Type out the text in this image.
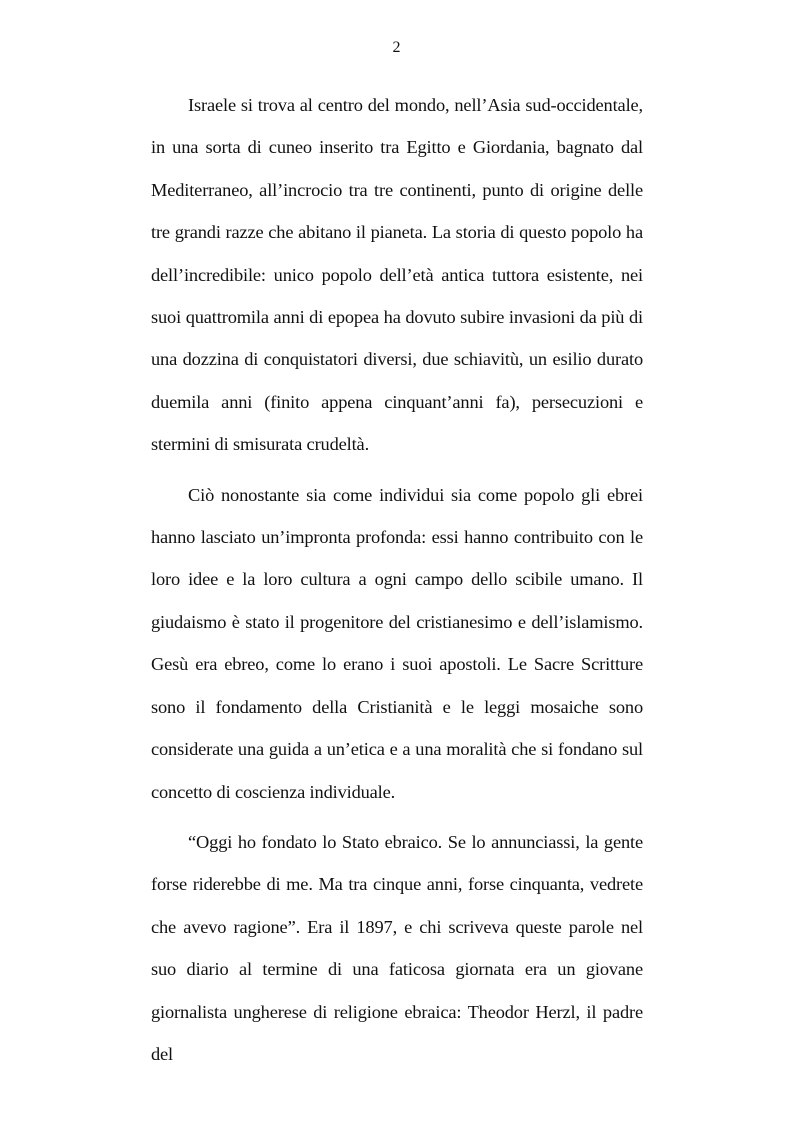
2

Israele si trova al centro del mondo, nell’Asia sud-occidentale, in una sorta di cuneo inserito tra Egitto e Giordania, bagnato dal Mediterraneo, all’incrocio tra tre continenti, punto di origine delle tre grandi razze che abitano il pianeta. La storia di questo popolo ha dell’incredibile: unico popolo dell’età antica tuttora esistente, nei suoi quattromila anni di epopea ha dovuto subire invasioni da più di una dozzina di conquistatori diversi, due schiavitù, un esilio durato duemila anni (finito appena cinquant’anni fa), persecuzioni e stermini di smisurata crudeltà.

Ciò nonostante sia come individui sia come popolo gli ebrei hanno lasciato un’impronta profonda: essi hanno contribuito con le loro idee e la loro cultura a ogni campo dello scibile umano. Il giudaismo è stato il progenitore del cristianesimo e dell’islamismo. Gesù era ebreo, come lo erano i suoi apostoli. Le Sacre Scritture sono il fondamento della Cristianità e le leggi mosaiche sono considerate una guida a un’etica e a una moralità che si fondano sul concetto di coscienza individuale.

“Oggi ho fondato lo Stato ebraico. Se lo annunciassi, la gente forse riderebbe di me. Ma tra cinque anni, forse cinquanta, vedrete che avevo ragione”. Era il 1897, e chi scriveva queste parole nel suo diario al termine di una faticosa giornata era un giovane giornalista ungherese di religione ebraica: Theodor Herzl, il padre del
